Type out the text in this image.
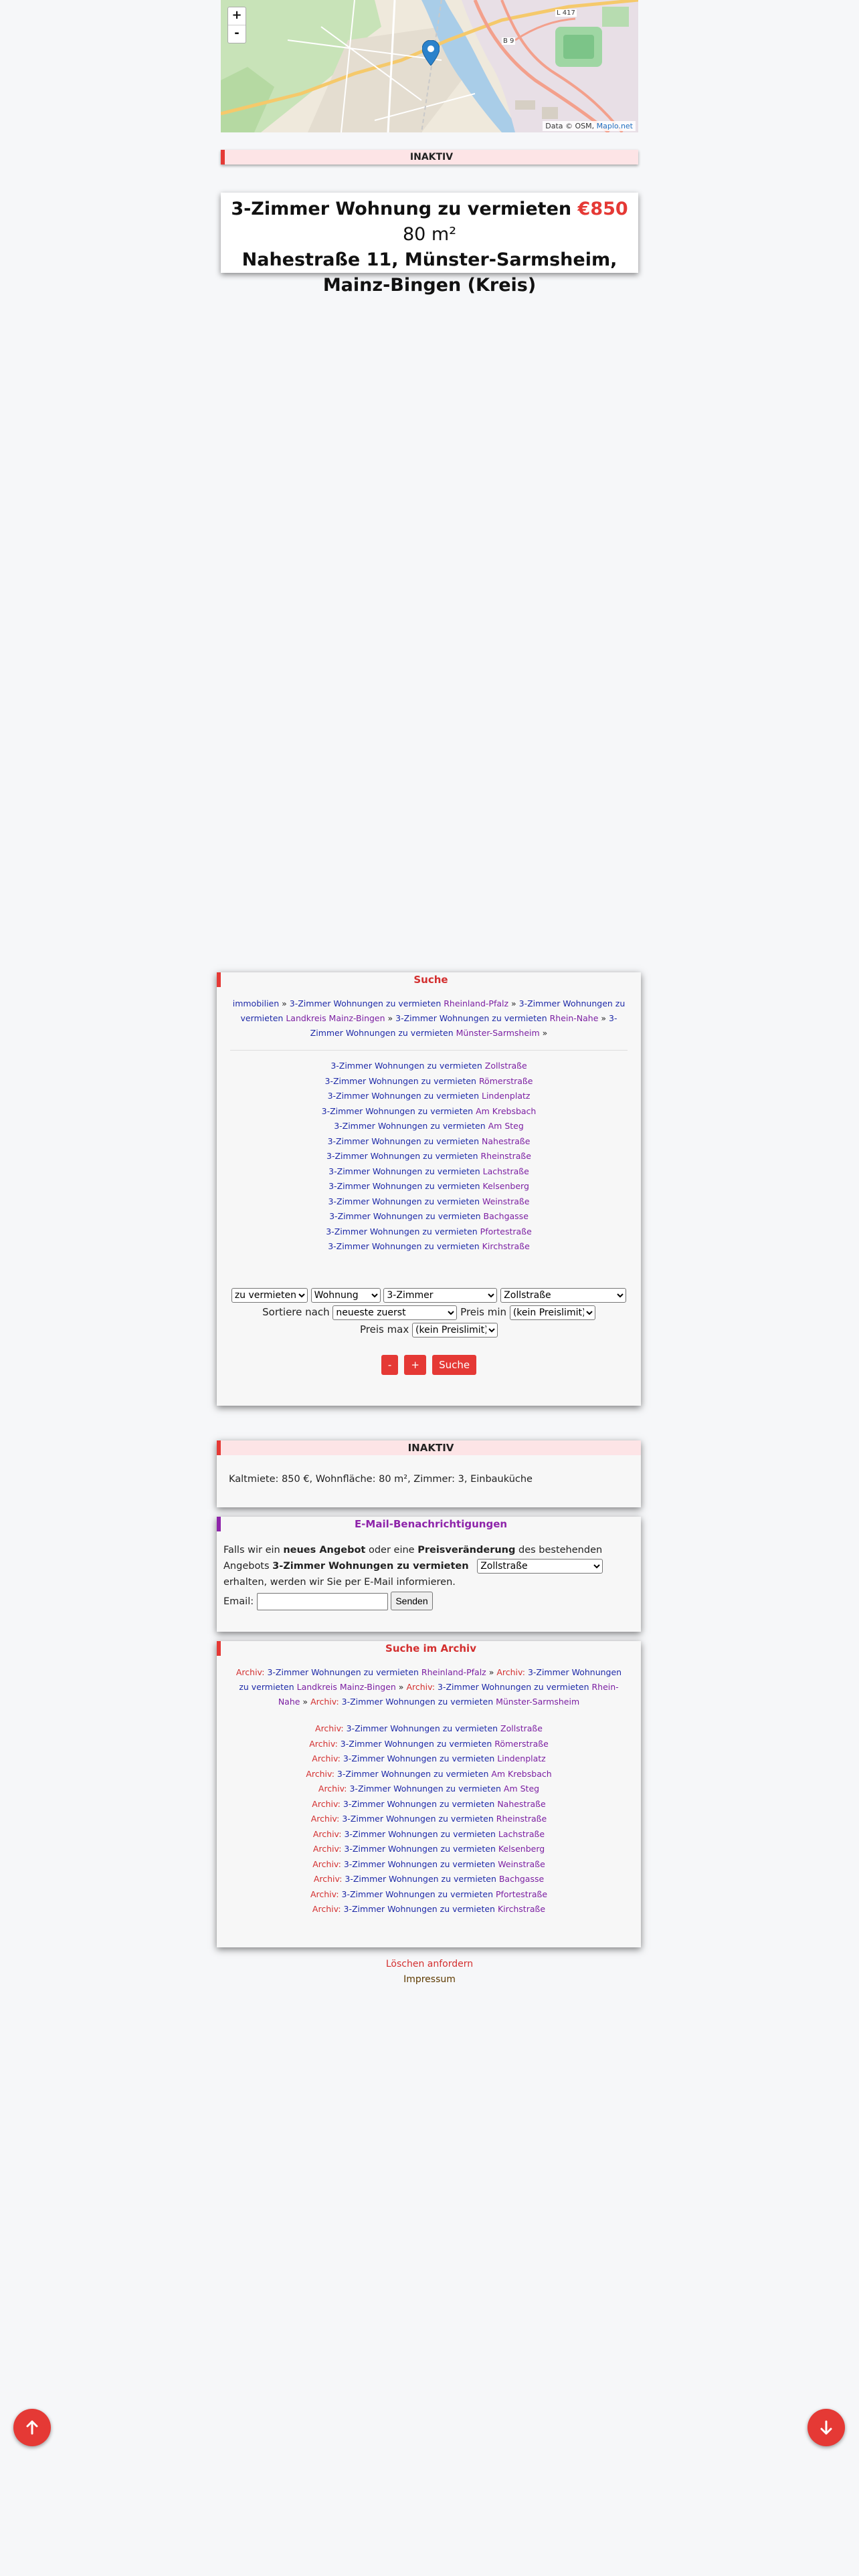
+
-
L 417
B 9
Data © OSM, Maplo.net
INAKTIV
3-Zimmer Wohnung zu vermieten €850 80 m²
Nahestraße 11, Münster-Sarmsheim, Mainz-Bingen (Kreis)
Suche
immobilien » 3-Zimmer Wohnungen zu vermieten Rheinland-Pfalz » 3-Zimmer Wohnungen zu vermieten Landkreis Mainz-Bingen » 3-Zimmer Wohnungen zu vermieten Rhein-Nahe » 3-Zimmer Wohnungen zu vermieten Münster-Sarmsheim »
3-Zimmer Wohnungen zu vermieten Zollstraße
3-Zimmer Wohnungen zu vermieten Römerstraße
3-Zimmer Wohnungen zu vermieten Lindenplatz
3-Zimmer Wohnungen zu vermieten Am Krebsbach
3-Zimmer Wohnungen zu vermieten Am Steg
3-Zimmer Wohnungen zu vermieten Nahestraße
3-Zimmer Wohnungen zu vermieten Rheinstraße
3-Zimmer Wohnungen zu vermieten Lachstraße
3-Zimmer Wohnungen zu vermieten Kelsenberg
3-Zimmer Wohnungen zu vermieten Weinstraße
3-Zimmer Wohnungen zu vermieten Bachgasse
3-Zimmer Wohnungen zu vermieten Pfortestraße
3-Zimmer Wohnungen zu vermieten Kirchstraße
zu vermieten
Wohnung
3-Zimmer
Zollstraße
Sortiere nach
neueste zuerst	Preis min
(kein Preislimit)
Preis max
(kein Preislimit)
- + Suche
INAKTIV
Kaltmiete: 850 €, Wohnfläche: 80 m², Zimmer: 3, Einbauküche
E-Mail-Benachrichtigungen
Falls wir ein neues Angebot oder eine Preisveränderung des bestehenden Angebots 3-Zimmer Wohnungen zu vermieten
Zollstraße erhalten, werden wir Sie per E-Mail informieren.
Email:	Senden
Suche im Archiv
Archiv: 3-Zimmer Wohnungen zu vermieten Rheinland-Pfalz » Archiv: 3-Zimmer Wohnungen zu vermieten Landkreis Mainz-Bingen » Archiv: 3-Zimmer Wohnungen zu vermieten Rhein-Nahe » Archiv: 3-Zimmer Wohnungen zu vermieten Münster-Sarmsheim
Archiv: 3-Zimmer Wohnungen zu vermieten Zollstraße
Archiv: 3-Zimmer Wohnungen zu vermieten Römerstraße
Archiv: 3-Zimmer Wohnungen zu vermieten Lindenplatz
Archiv: 3-Zimmer Wohnungen zu vermieten Am Krebsbach
Archiv: 3-Zimmer Wohnungen zu vermieten Am Steg
Archiv: 3-Zimmer Wohnungen zu vermieten Nahestraße
Archiv: 3-Zimmer Wohnungen zu vermieten Rheinstraße
Archiv: 3-Zimmer Wohnungen zu vermieten Lachstraße
Archiv: 3-Zimmer Wohnungen zu vermieten Kelsenberg
Archiv: 3-Zimmer Wohnungen zu vermieten Weinstraße
Archiv: 3-Zimmer Wohnungen zu vermieten Bachgasse
Archiv: 3-Zimmer Wohnungen zu vermieten Pfortestraße
Archiv: 3-Zimmer Wohnungen zu vermieten Kirchstraße
Löschen anfordern
Impressum
